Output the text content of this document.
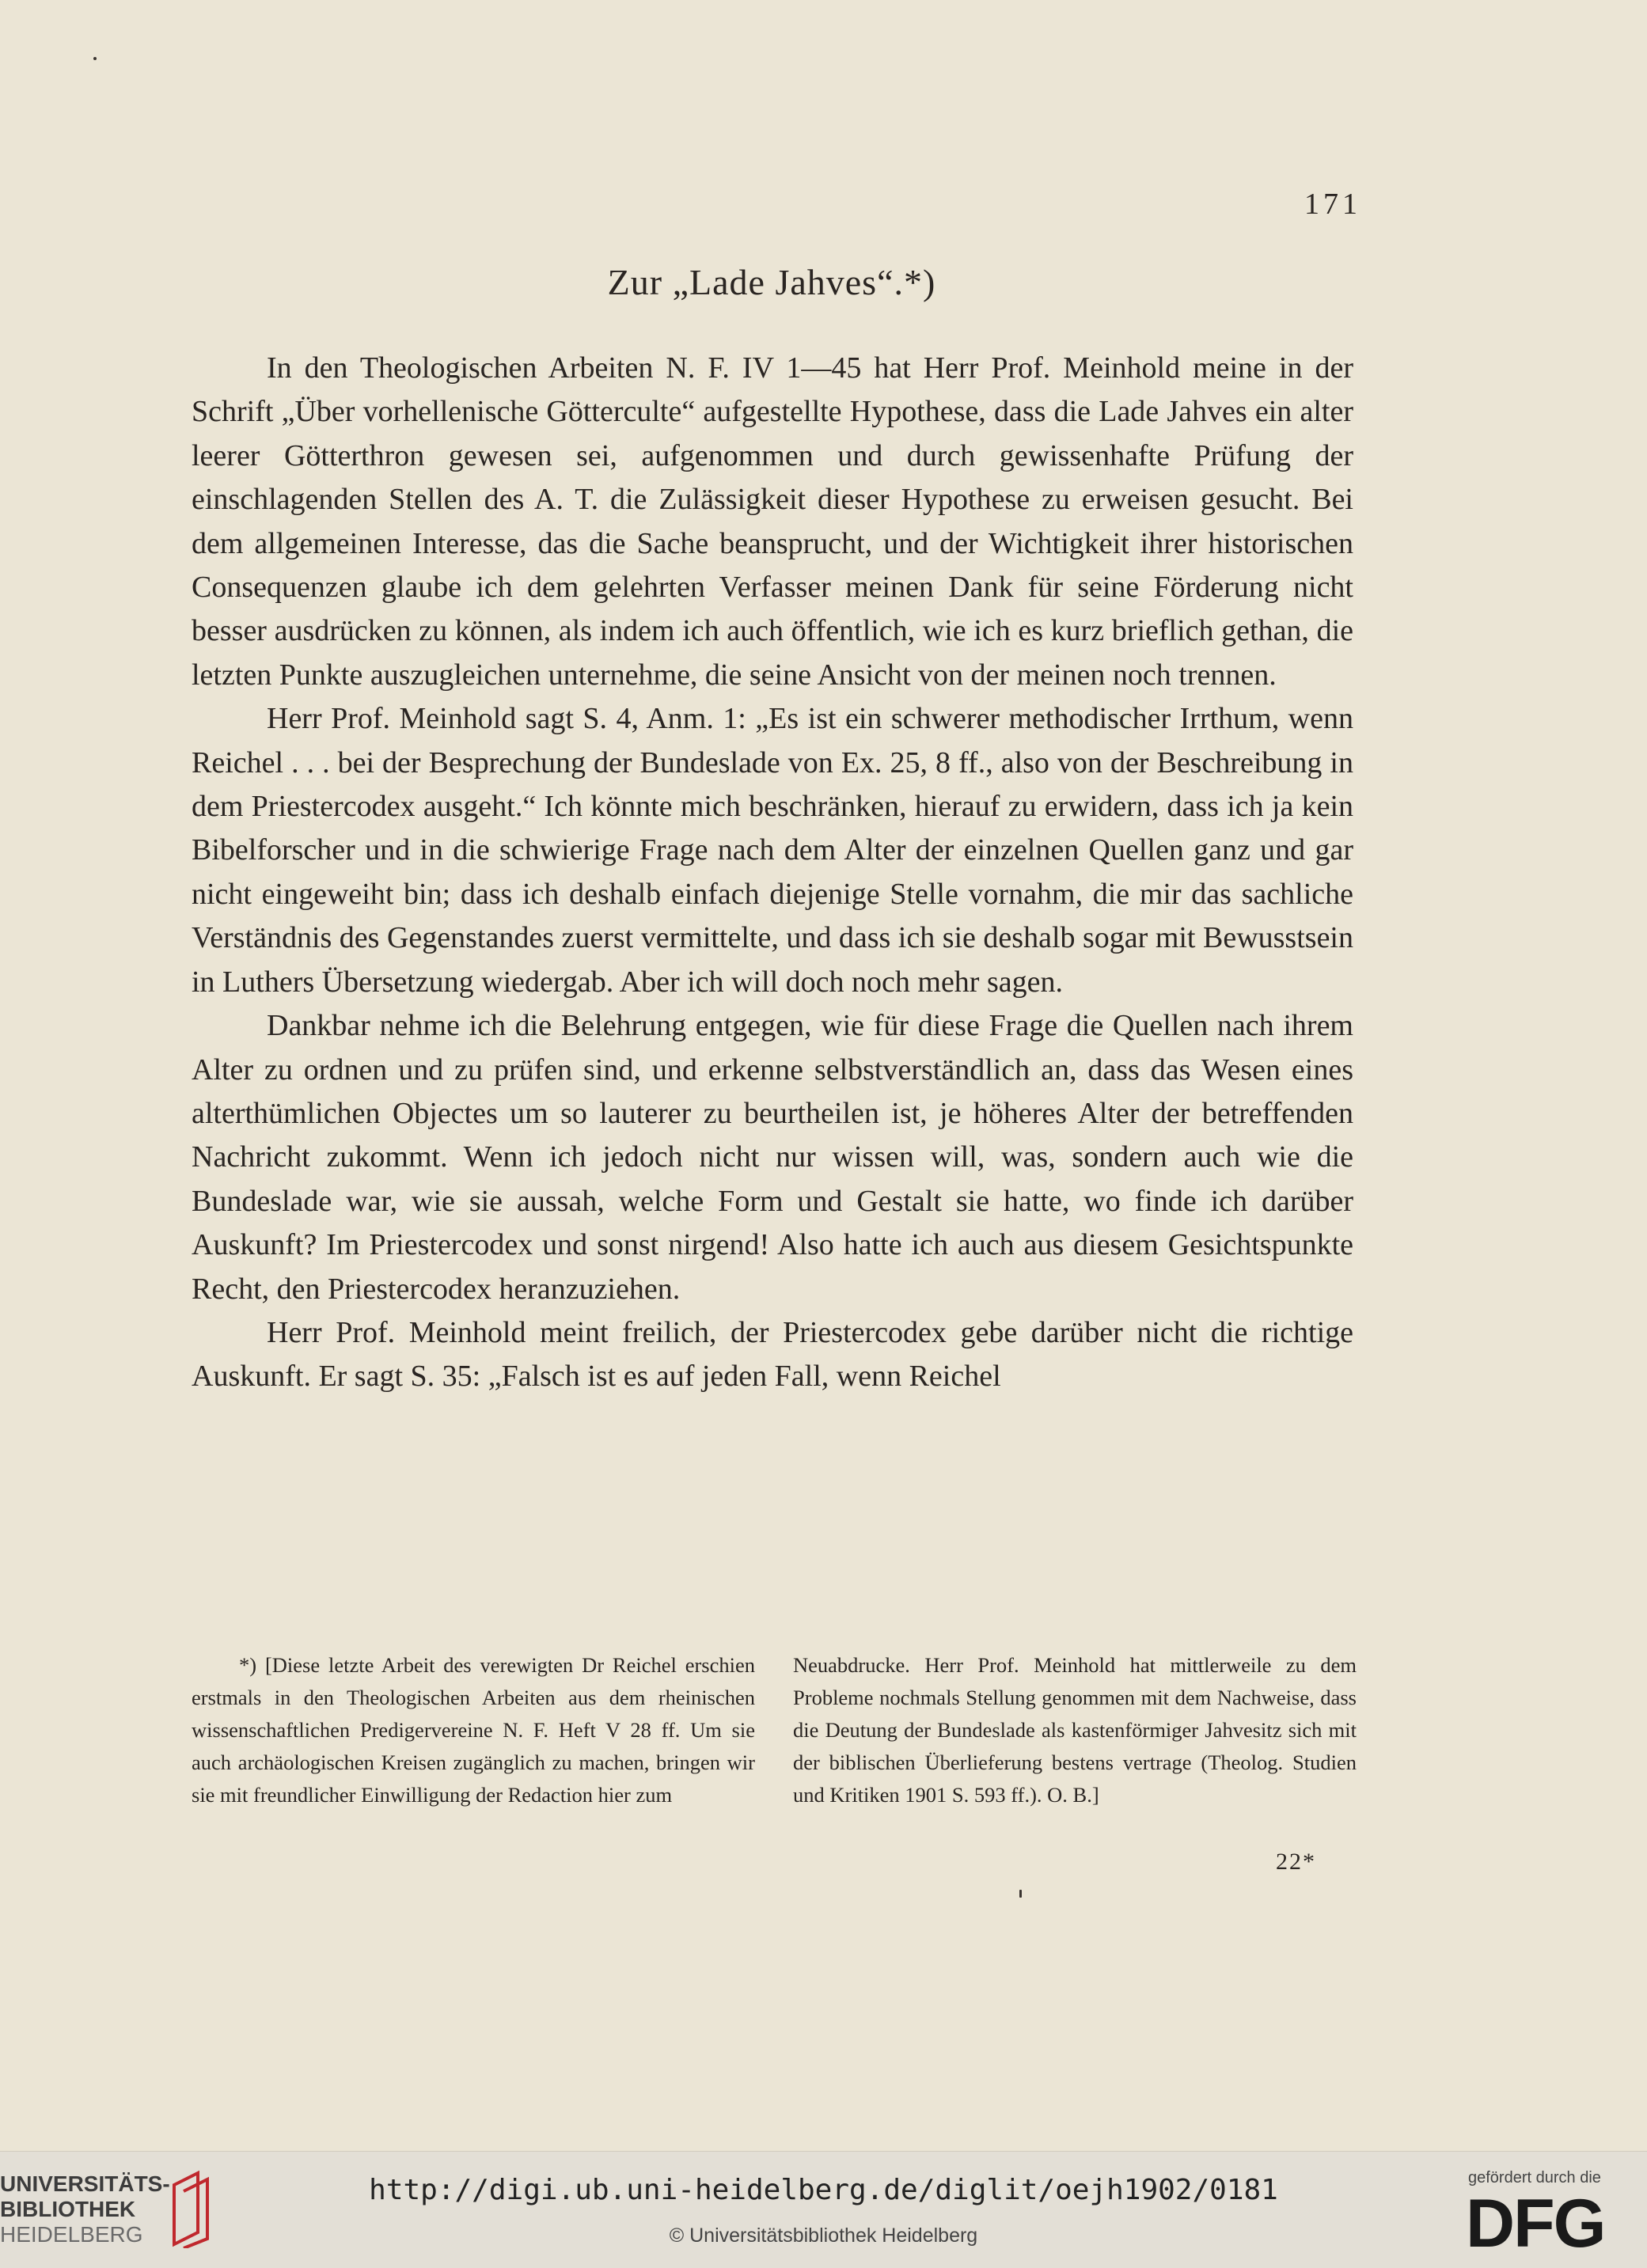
171
Zur „Lade Jahves“.*)

In den Theologischen Arbeiten N. F. IV 1—45 hat Herr Prof. Meinhold meine in der Schrift „Über vorhellenische Götterculte“ aufgestellte Hypothese, dass die Lade Jahves ein alter leerer Götterthron gewesen sei, aufgenommen und durch gewissenhafte Prüfung der einschlagenden Stellen des A. T. die Zulässigkeit dieser Hypothese zu erweisen gesucht. Bei dem allgemeinen Interesse, das die Sache beansprucht, und der Wichtigkeit ihrer historischen Consequenzen glaube ich dem gelehrten Verfasser meinen Dank für seine Förderung nicht besser ausdrücken zu können, als indem ich auch öffentlich, wie ich es kurz brieflich gethan, die letzten Punkte auszugleichen unternehme, die seine Ansicht von der meinen noch trennen.

Herr Prof. Meinhold sagt S. 4, Anm. 1: „Es ist ein schwerer methodischer Irrthum, wenn Reichel . . . bei der Besprechung der Bundeslade von Ex. 25, 8 ff., also von der Beschreibung in dem Priestercodex ausgeht.“ Ich könnte mich beschränken, hierauf zu erwidern, dass ich ja kein Bibelforscher und in die schwierige Frage nach dem Alter der einzelnen Quellen ganz und gar nicht eingeweiht bin; dass ich deshalb einfach diejenige Stelle vornahm, die mir das sachliche Verständnis des Gegenstandes zuerst vermittelte, und dass ich sie deshalb sogar mit Bewusstsein in Luthers Übersetzung wiedergab. Aber ich will doch noch mehr sagen.

Dankbar nehme ich die Belehrung entgegen, wie für diese Frage die Quellen nach ihrem Alter zu ordnen und zu prüfen sind, und erkenne selbstverständlich an, dass das Wesen eines alterthümlichen Objectes um so lauterer zu beurtheilen ist, je höheres Alter der betreffenden Nachricht zukommt. Wenn ich jedoch nicht nur wissen will, was, sondern auch wie die Bundeslade war, wie sie aussah, welche Form und Gestalt sie hatte, wo finde ich darüber Auskunft? Im Priestercodex und sonst nirgend! Also hatte ich auch aus diesem Gesichtspunkte Recht, den Priestercodex heranzuziehen.

Herr Prof. Meinhold meint freilich, der Priestercodex gebe darüber nicht die richtige Auskunft. Er sagt S. 35: „Falsch ist es auf jeden Fall, wenn Reichel

*) [Diese letzte Arbeit des verewigten Dr Reichel erschien erstmals in den Theologischen Arbeiten aus dem rheinischen wissenschaftlichen Predigervereine N. F. Heft V 28 ff. Um sie auch archäologischen Kreisen zugänglich zu machen, bringen wir sie mit freundlicher Einwilligung der Redaction hier zum
Neuabdrucke. Herr Prof. Meinhold hat mittlerweile zu dem Probleme nochmals Stellung genommen mit dem Nachweise, dass die Deutung der Bundeslade als kastenförmiger Jahvesitz sich mit der biblischen Überlieferung bestens vertrage (Theolog. Studien und Kritiken 1901 S. 593 ff.). O. B.]
22*
UNIVERSITÄTS-
BIBLIOTHEK
HEIDELBERG
http://digi.ub.uni-heidelberg.de/diglit/oejh1902/0181
© Universitätsbibliothek Heidelberg
gefördert durch die
DFG
